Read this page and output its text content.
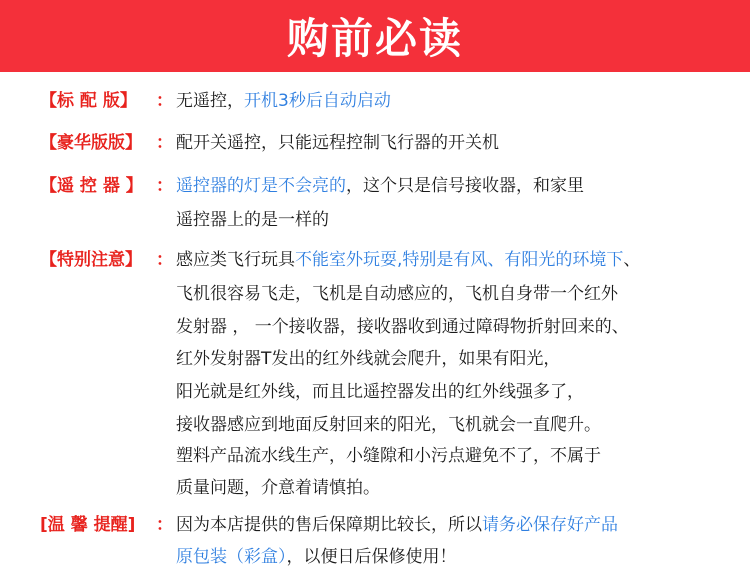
购前必读
【标 配 版】 ： 无遥控，开机3秒后自动启动
【豪华版版】 ： 配开关遥控，只能远程控制飞行器的开关机
【遥 控 器 】 ： 遥控器的灯是不会亮的，这个只是信号接收器，和家里
遥控器上的是一样的
【特别注意】 ： 感应类飞行玩具不能室外玩耍,特别是有风、有阳光的环境下、
飞机很容易飞走，飞机是自动感应的，飞机自身带一个红外
发射器 ， 一个接收器，接收器收到通过障碍物折射回来的、
红外发射器T发出的红外线就会爬升，如果有阳光，
阳光就是红外线，而且比遥控器发出的红外线强多了，
接收器感应到地面反射回来的阳光，飞机就会一直爬升。
塑料产品流水线生产，小缝隙和小污点避免不了，不属于
质量问题，介意着请慎拍。
[温 馨 提醒] ： 因为本店提供的售后保障期比较长，所以请务必保存好产品
原包装（彩盒），以便日后保修使用！
